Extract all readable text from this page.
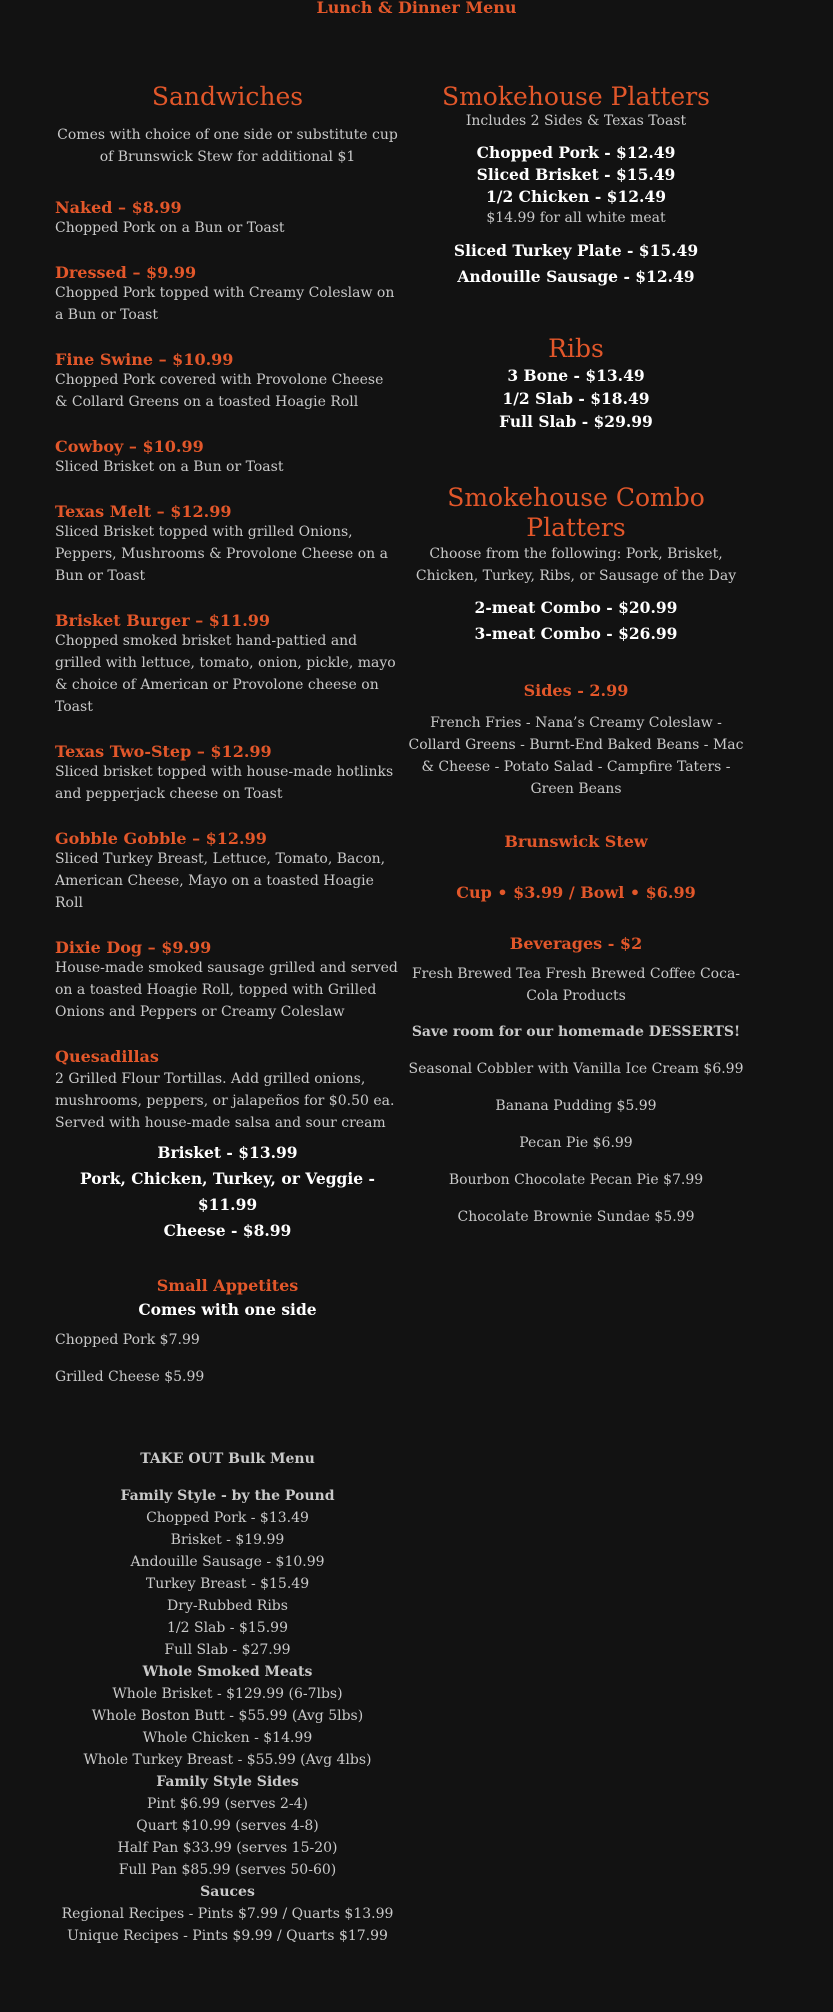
Lunch & Dinner Menu
Sandwiches

Comes with choice of one side or substitute cup of Brunswick Stew for additional $1

Naked – $8.99
Chopped Pork on a Bun or Toast
Dressed – $9.99
Chopped Pork topped with Creamy Coleslaw on a Bun or Toast
Fine Swine – $10.99
Chopped Pork covered with Provolone Cheese & Collard Greens on a toasted Hoagie Roll
Cowboy – $10.99
Sliced Brisket on a Bun or Toast
Texas Melt – $12.99
Sliced Brisket topped with grilled Onions, Peppers, Mushrooms & Provolone Cheese on a Bun or Toast
Brisket Burger – $11.99
Chopped smoked brisket hand-pattied and grilled with lettuce, tomato, onion, pickle, mayo & choice of American or Provolone cheese on Toast
Texas Two-Step – $12.99
Sliced brisket topped with house-made hotlinks and pepperjack cheese on Toast
Gobble Gobble – $12.99
Sliced Turkey Breast, Lettuce, Tomato, Bacon, American Cheese, Mayo on a toasted Hoagie Roll
Dixie Dog – $9.99
House-made smoked sausage grilled and served on a toasted Hoagie Roll, topped with Grilled Onions and Peppers or Creamy Coleslaw
Quesadillas
2 Grilled Flour Tortillas. Add grilled onions, mushrooms, peppers, or jalapeños for $0.50 ea. Served with house-made salsa and sour cream
Brisket - $13.99
Pork, Chicken, Turkey, or Veggie - $11.99
Cheese - $8.99
Small Appetites
Comes with one side
Chopped Pork $7.99
Grilled Cheese $5.99
TAKE OUT Bulk Menu
Family Style - by the Pound
Chopped Pork - $13.49
Brisket - $19.99
Andouille Sausage - $10.99
Turkey Breast - $15.49
Dry-Rubbed Ribs
1/2 Slab - $15.99
Full Slab - $27.99
Whole Smoked Meats
Whole Brisket - $129.99 (6-7lbs)
Whole Boston Butt - $55.99 (Avg 5lbs)
Whole Chicken - $14.99
Whole Turkey Breast - $55.99 (Avg 4lbs)
Family Style Sides
Pint $6.99 (serves 2-4)
Quart $10.99 (serves 4-8)
Half Pan $33.99 (serves 15-20)
Full Pan $85.99 (serves 50-60)
Sauces
Regional Recipes - Pints $7.99 / Quarts $13.99
Unique Recipes - Pints $9.99 / Quarts $17.99
Smokehouse Platters

Includes 2 Sides & Texas Toast

Chopped Pork - $12.49
Sliced Brisket - $15.49
1/2 Chicken - $12.49
$14.99 for all white meat
Sliced Turkey Plate - $15.49
Andouille Sausage - $12.49
Ribs
3 Bone - $13.49
1/2 Slab - $18.49
Full Slab - $29.99
Smokehouse Combo Platters

Choose from the following: Pork, Brisket, Chicken, Turkey, Ribs, or Sausage of the Day

2-meat Combo - $20.99
3-meat Combo - $26.99
Sides - 2.99

French Fries - Nana’s Creamy Coleslaw - Collard Greens - Burnt-End Baked Beans - Mac & Cheese - Potato Salad - Campfire Taters - Green Beans

Brunswick Stew
Cup • $3.99 / Bowl • $6.99
Beverages - $2

Fresh Brewed Tea Fresh Brewed Coffee Coca-Cola Products

Save room for our homemade DESSERTS!
Seasonal Cobbler with Vanilla Ice Cream $6.99
Banana Pudding $5.99
Pecan Pie $6.99
Bourbon Chocolate Pecan Pie $7.99
Chocolate Brownie Sundae $5.99
